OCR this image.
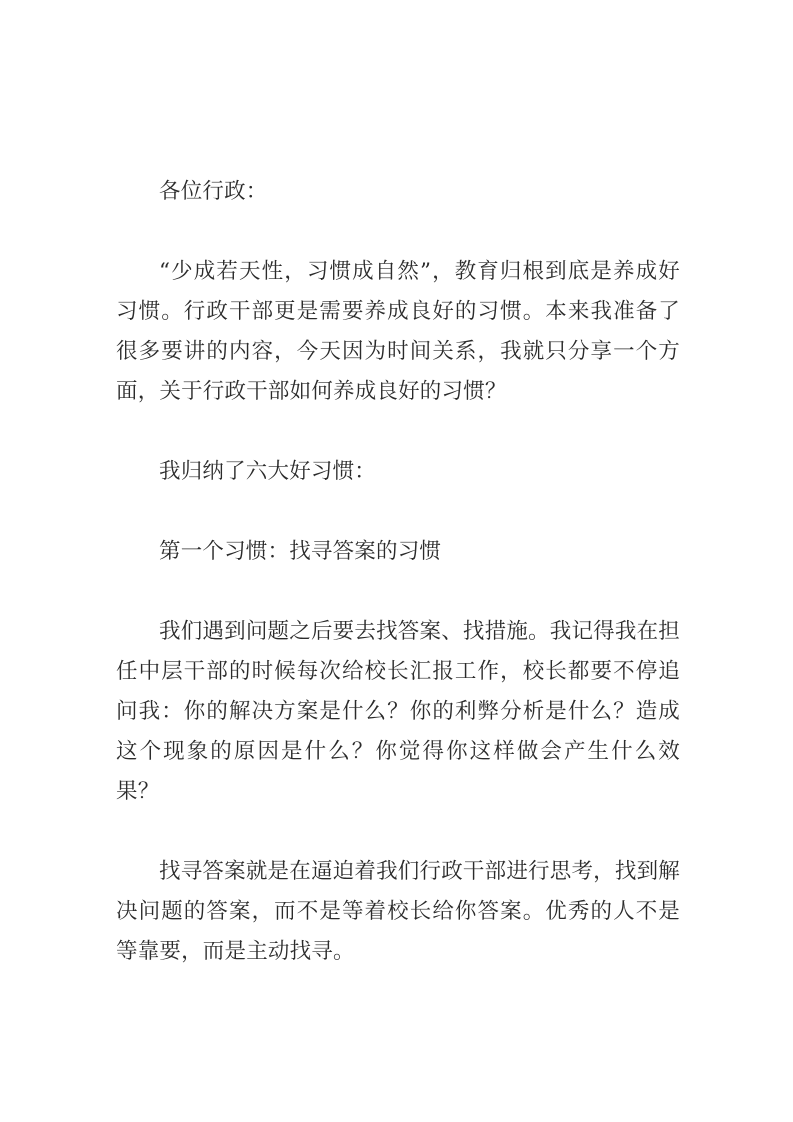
各位行政：

“少成若天性，习惯成自然”，教育归根到底是养成好习惯。行政干部更是需要养成良好的习惯。本来我准备了很多要讲的内容，今天因为时间关系，我就只分享一个方面，关于行政干部如何养成良好的习惯？

我归纳了六大好习惯：

第一个习惯：找寻答案的习惯

我们遇到问题之后要去找答案、找措施。我记得我在担任中层干部的时候每次给校长汇报工作，校长都要不停追问我：你的解决方案是什么？你的利弊分析是什么？造成这个现象的原因是什么？你觉得你这样做会产生什么效果？

找寻答案就是在逼迫着我们行政干部进行思考，找到解决问题的答案，而不是等着校长给你答案。优秀的人不是等靠要，而是主动找寻。
